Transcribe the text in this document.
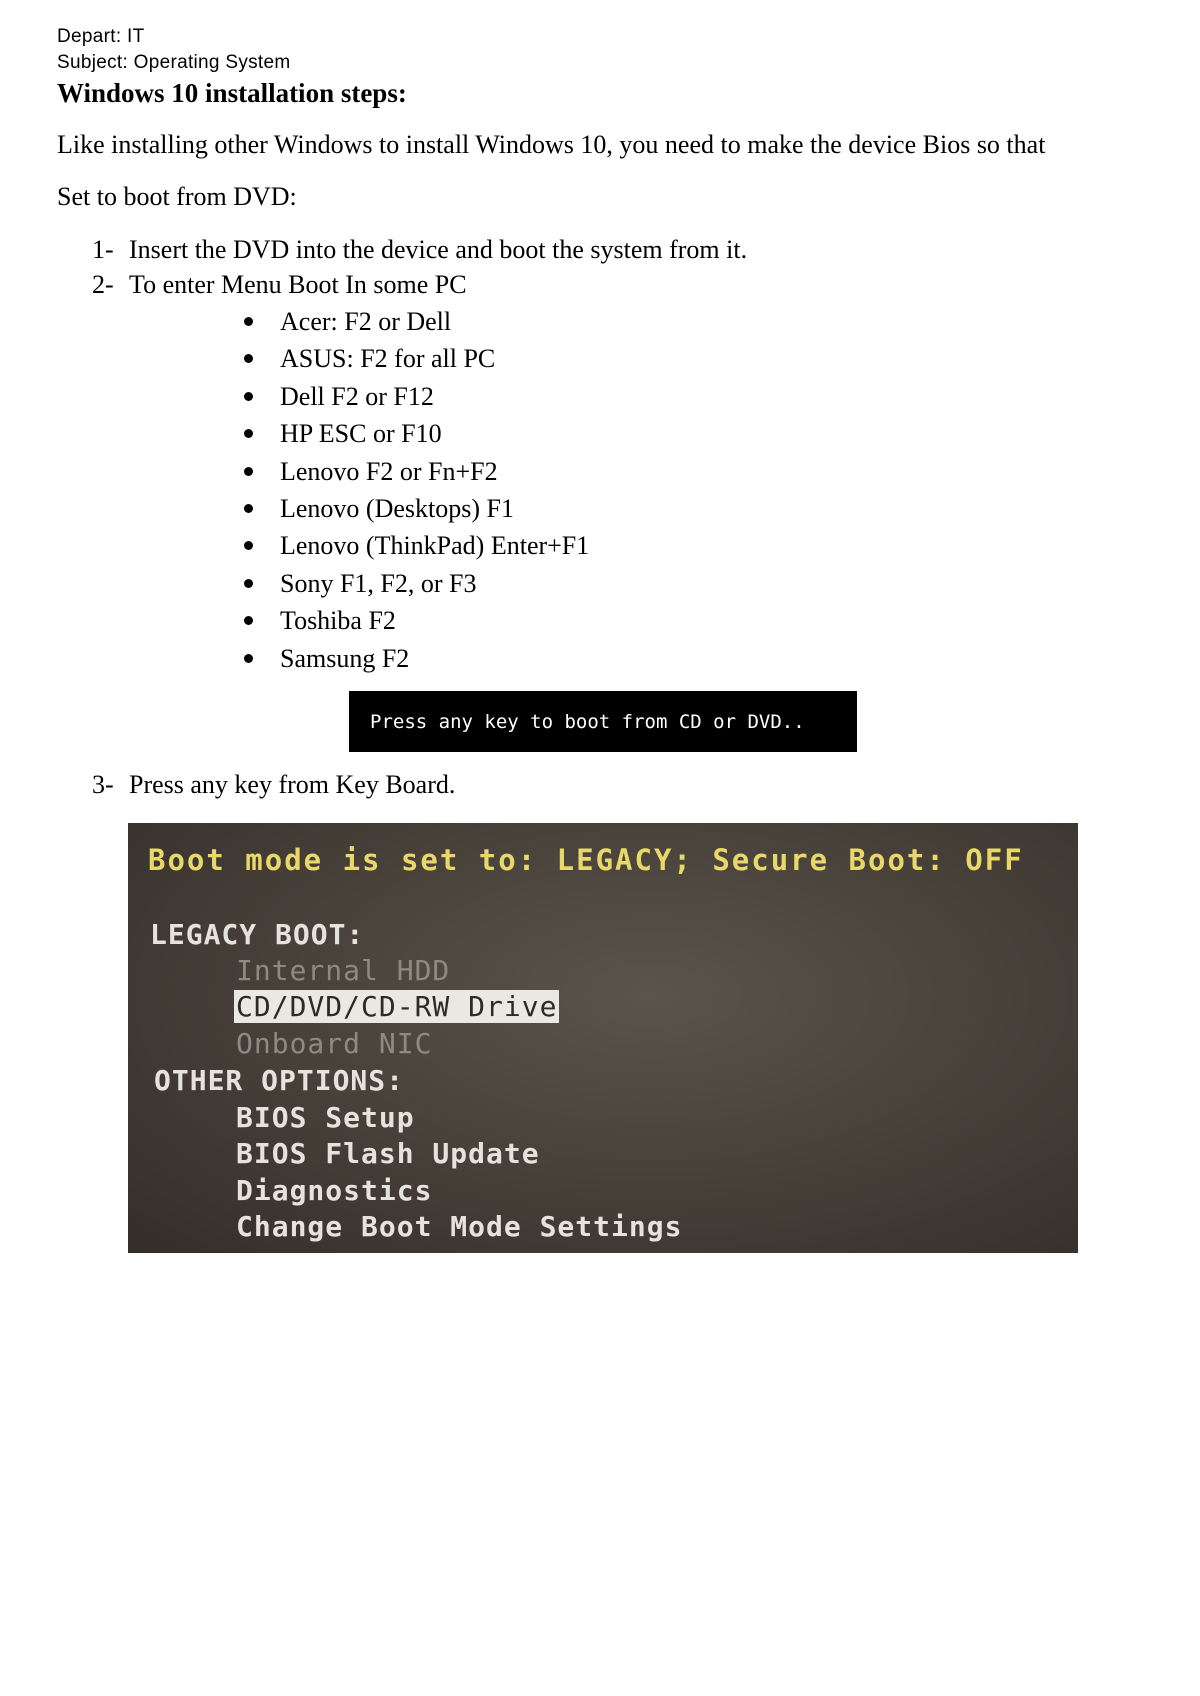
Depart: IT
Subject: Operating System
Windows 10 installation steps:
Like installing other Windows to install Windows 10, you need to make the device Bios so that
Set to boot from DVD:
1- Insert the DVD into the device and boot the system from it.
2- To enter Menu Boot In some PC
Acer: F2 or Dell
ASUS: F2 for all PC
Dell F2 or F12
HP ESC or F10
Lenovo F2 or Fn+F2
Lenovo (Desktops) F1
Lenovo (ThinkPad) Enter+F1
Sony F1, F2, or F3
Toshiba F2
Samsung F2
Press any key to boot from CD or DVD..
3- Press any key from Key Board.
Boot mode is set to: LEGACY; Secure Boot: OFF
LEGACY BOOT:
Internal HDD
CD/DVD/CD-RW Drive
Onboard NIC
OTHER OPTIONS:
BIOS Setup
BIOS Flash Update
Diagnostics
Change Boot Mode Settings
